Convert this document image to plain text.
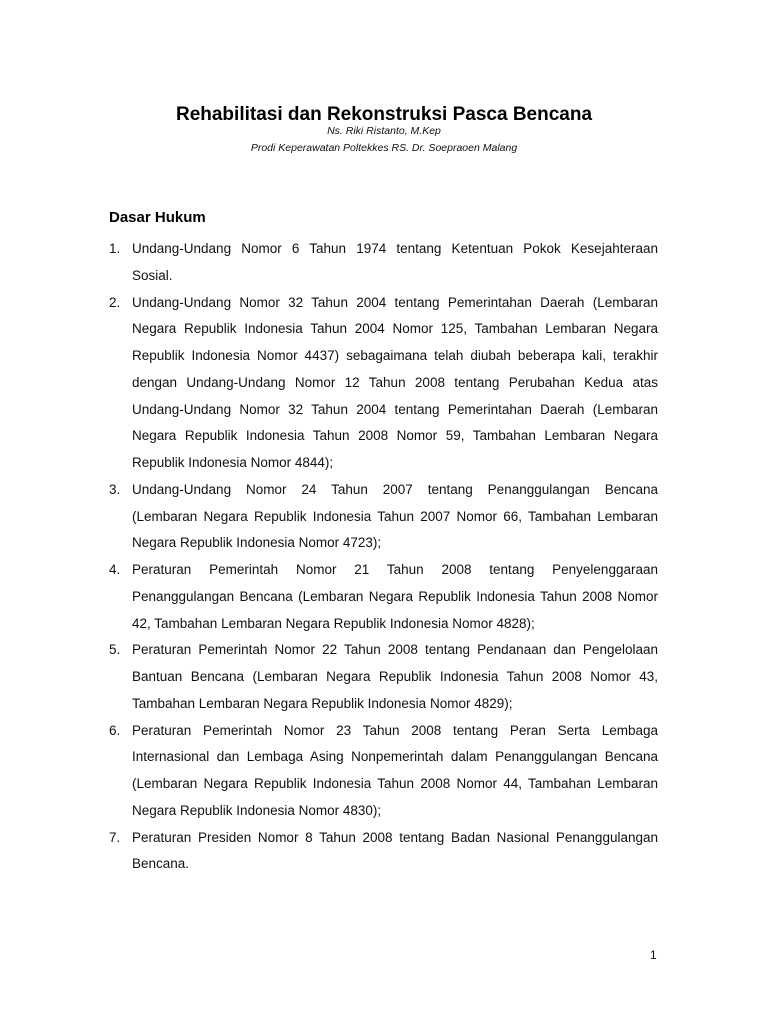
Rehabilitasi dan Rekonstruksi Pasca Bencana
Ns. Riki Ristanto, M.Kep
Prodi Keperawatan Poltekkes RS. Dr. Soepraoen Malang
Dasar Hukum
1. Undang-Undang Nomor 6 Tahun 1974 tentang Ketentuan Pokok Kesejahteraan
Sosial.
2. Undang-Undang Nomor 32 Tahun 2004 tentang Pemerintahan Daerah (Lembaran
Negara Republik Indonesia Tahun 2004 Nomor 125, Tambahan Lembaran Negara
Republik Indonesia Nomor 4437) sebagaimana telah diubah beberapa kali, terakhir
dengan Undang-Undang Nomor 12 Tahun 2008 tentang Perubahan Kedua atas
Undang-Undang Nomor 32 Tahun 2004 tentang Pemerintahan Daerah (Lembaran
Negara Republik Indonesia Tahun 2008 Nomor 59, Tambahan Lembaran Negara
Republik Indonesia Nomor 4844);
3. Undang-Undang Nomor 24 Tahun 2007 tentang Penanggulangan Bencana
(Lembaran Negara Republik Indonesia Tahun 2007 Nomor 66, Tambahan Lembaran
Negara Republik Indonesia Nomor 4723);
4. Peraturan Pemerintah Nomor 21 Tahun 2008 tentang Penyelenggaraan
Penanggulangan Bencana (Lembaran Negara Republik Indonesia Tahun 2008 Nomor
42, Tambahan Lembaran Negara Republik Indonesia Nomor 4828);
5. Peraturan Pemerintah Nomor 22 Tahun 2008 tentang Pendanaan dan Pengelolaan
Bantuan Bencana (Lembaran Negara Republik Indonesia Tahun 2008 Nomor 43,
Tambahan Lembaran Negara Republik Indonesia Nomor 4829);
6. Peraturan Pemerintah Nomor 23 Tahun 2008 tentang Peran Serta Lembaga
Internasional dan Lembaga Asing Nonpemerintah dalam Penanggulangan Bencana
(Lembaran Negara Republik Indonesia Tahun 2008 Nomor 44, Tambahan Lembaran
Negara Republik Indonesia Nomor 4830);
7. Peraturan Presiden Nomor 8 Tahun 2008 tentang Badan Nasional Penanggulangan
Bencana.
1
